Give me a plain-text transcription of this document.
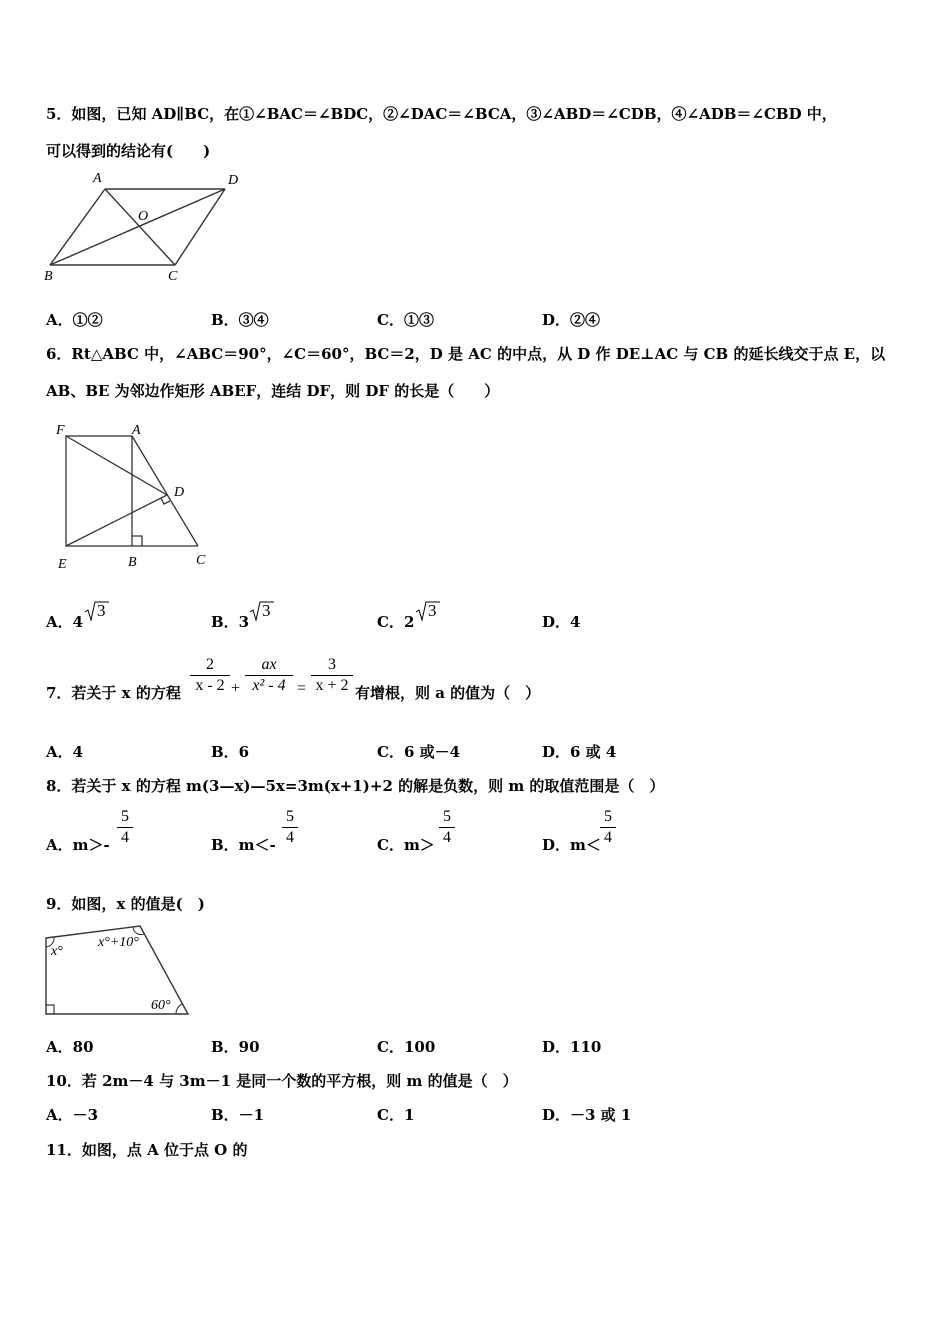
5．如图，已知 AD∥BC，在①∠BAC＝∠BDC，②∠DAC＝∠BCA，③∠ABD＝∠CDB，④∠ADB＝∠CBD 中，
可以得到的结论有(　　)
A	D
O
B	C
A．①②	B．③④	C．①③	D．②④
6．Rt△ABC 中，∠ABC＝90°，∠C＝60°，BC＝2，D 是 AC 的中点，从 D 作 DE⊥AC 与 CB 的延长线交于点 E，以
AB、BE 为邻边作矩形 ABEF，连结 DF，则 DF 的长是（　　）
F	A
D
E	B	C
A．4
3
B．3
3
C．2
3
D．4
7．若关于 x 的方程 $\frac{2}{x - 2} + \frac{ax}{\text{x² - 4}} = \frac{3}{x + 2}$ 有增根，则 a 的值为（　）
A．4	B．6	C．6 或－4	D．6 或 4
8．若关于 x 的方程 m(3—x)—5x=3m(x+1)+2 的解是负数，则 m 的取值范围是（　）
A．$m>- \frac{5}{4}$	B．$m<- \frac{5}{4}$	C．$m> \frac{5}{4}$	D．$m< \frac{5}{4}$
9．如图，x 的值是(　)
x°
x°+10°
60°
A．80	B．90	C．100	D．110
10．若 2m－4 与 3m－1 是同一个数的平方根，则 m 的值是（　）
A．－3	B．－1	C．1	D．－3 或 1
11．如图，点 A 位于点 O 的
